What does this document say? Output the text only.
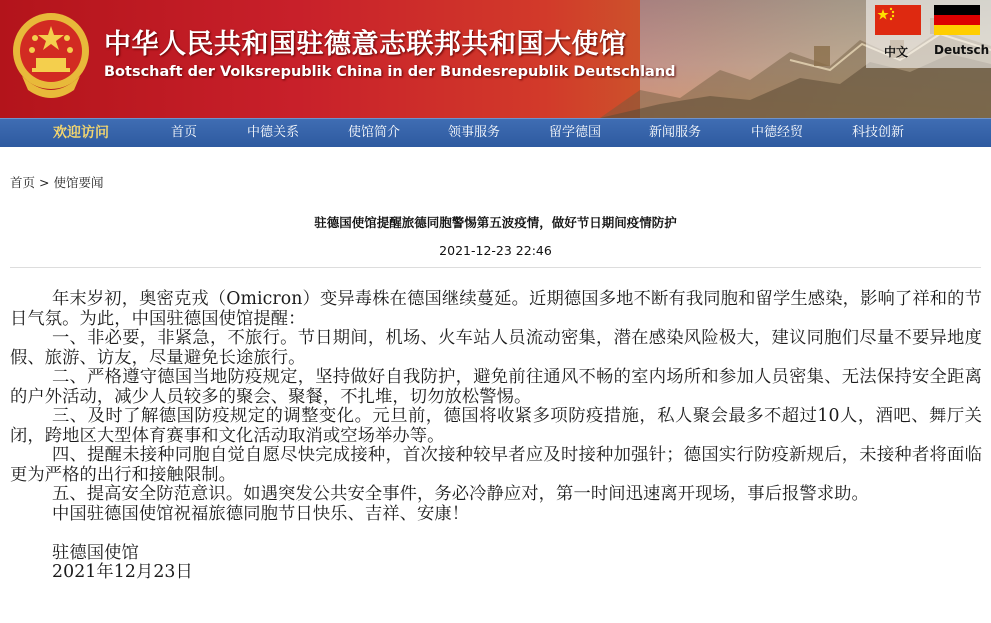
中华人民共和国驻德意志联邦共和国大使馆
Botschaft der Volksrepublik China in der Bundesrepublik Deutschland
中文 Deutsch
欢迎访问	首页	中德关系	使馆简介	领事服务	留学德国	新闻服务	中德经贸	科技创新
首页 > 使馆要闻
驻德国使馆提醒旅德同胞警惕第五波疫情，做好节日期间疫情防护
2021-12-23 22:46

年末岁初，奥密克戎（Omicron）变异毒株在德国继续蔓延。近期德国多地不断有我同胞和留学生感染，影响了祥和的节日气氛。为此，中国驻德国使馆提醒：

一、非必要，非紧急，不旅行。节日期间，机场、火车站人员流动密集，潜在感染风险极大，建议同胞们尽量不要异地度假、旅游、访友，尽量避免长途旅行。

二、严格遵守德国当地防疫规定，坚持做好自我防护，避免前往通风不畅的室内场所和参加人员密集、无法保持安全距离的户外活动，减少人员较多的聚会、聚餐，不扎堆，切勿放松警惕。

三、及时了解德国防疫规定的调整变化。元旦前，德国将收紧多项防疫措施，私人聚会最多不超过10人，酒吧、舞厅关闭，跨地区大型体育赛事和文化活动取消或空场举办等。

四、提醒未接种同胞自觉自愿尽快完成接种，首次接种较早者应及时接种加强针；德国实行防疫新规后，未接种者将面临更为严格的出行和接触限制。

五、提高安全防范意识。如遇突发公共安全事件，务必冷静应对，第一时间迅速离开现场，事后报警求助。

中国驻德国使馆祝福旅德同胞节日快乐、吉祥、安康！

驻德国使馆

2021年12月23日
